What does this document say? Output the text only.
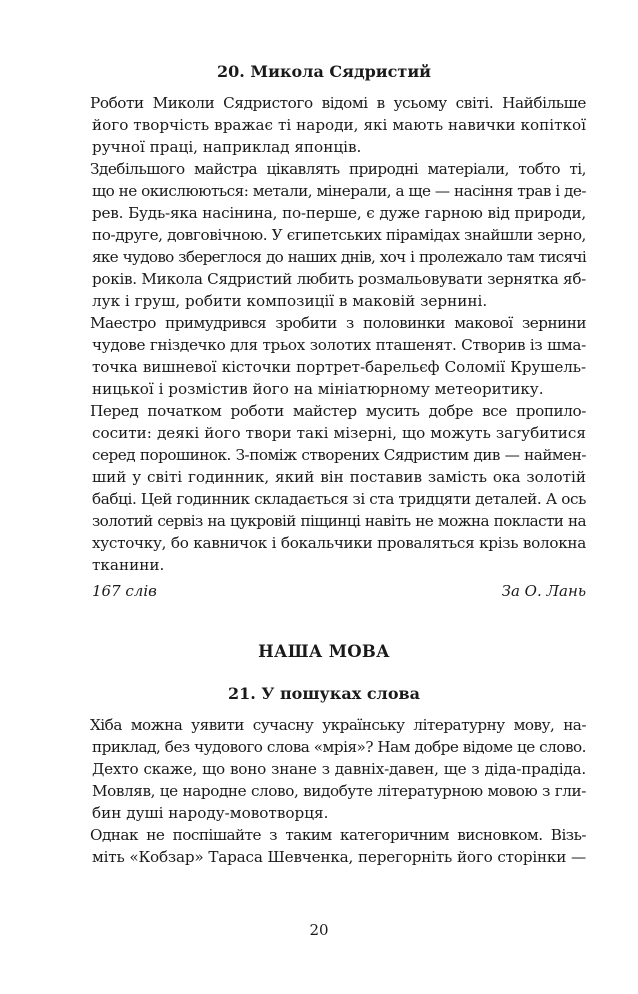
20. Микола Сядристий

Роботи Миколи Сядристого відомі в усьому світі. Найбільше
його творчість вражає ті народи, які мають навички копіткої
ручної праці, наприклад японців.

Здебільшого майстра цікавлять природні матеріали, тобто ті,
що не окислюються: метали, мінерали, а ще — насіння трав і де-
рев. Будь-яка насінина, по-перше, є дуже гарною від природи,
по-друге, довговічною. У єгипетських пірамідах знайшли зерно,
яке чудово збереглося до наших днів, хоч і пролежало там тисячі
років. Микола Сядристий любить розмальовувати зернятка яб-
лук і груш, робити композиції в маковій зернині.

Маестро примудрився зробити з половинки макової зернини
чудове гніздечко для трьох золотих пташенят. Створив із шма-
точка вишневої кісточки портрет-барельєф Соломії Крушель-
ницької і розмістив його на мініатюрному метеоритику.

Перед початком роботи майстер мусить добре все пропило-
сосити: деякі його твори такі мізерні, що можуть загубитися
серед порошинок. З-поміж створених Сядристим див — наймен-
ший у світі годинник, який він поставив замість ока золотій
бабці. Цей годинник складається зі ста тридцяти деталей. А ось
золотий сервіз на цукровій піщинці навіть не можна покласти на
хусточку, бо кавничок і бокальчики проваляться крізь волокна
тканини.

167 слів	За О. Лань
НАША МОВА
21. У пошуках слова

Хіба можна уявити сучасну українську літературну мову, на-
приклад, без чудового слова «мрія»? Нам добре відоме це слово.
Дехто скаже, що воно знане з давніх-давен, ще з діда-прадіда.
Мовляв, це народне слово, видобуте літературною мовою з гли-
бин душі народу-мовотворця.

Однак не поспішайте з таким категоричним висновком. Візь-
міть «Кобзар» Тараса Шевченка, перегорніть його сторінки —

20
